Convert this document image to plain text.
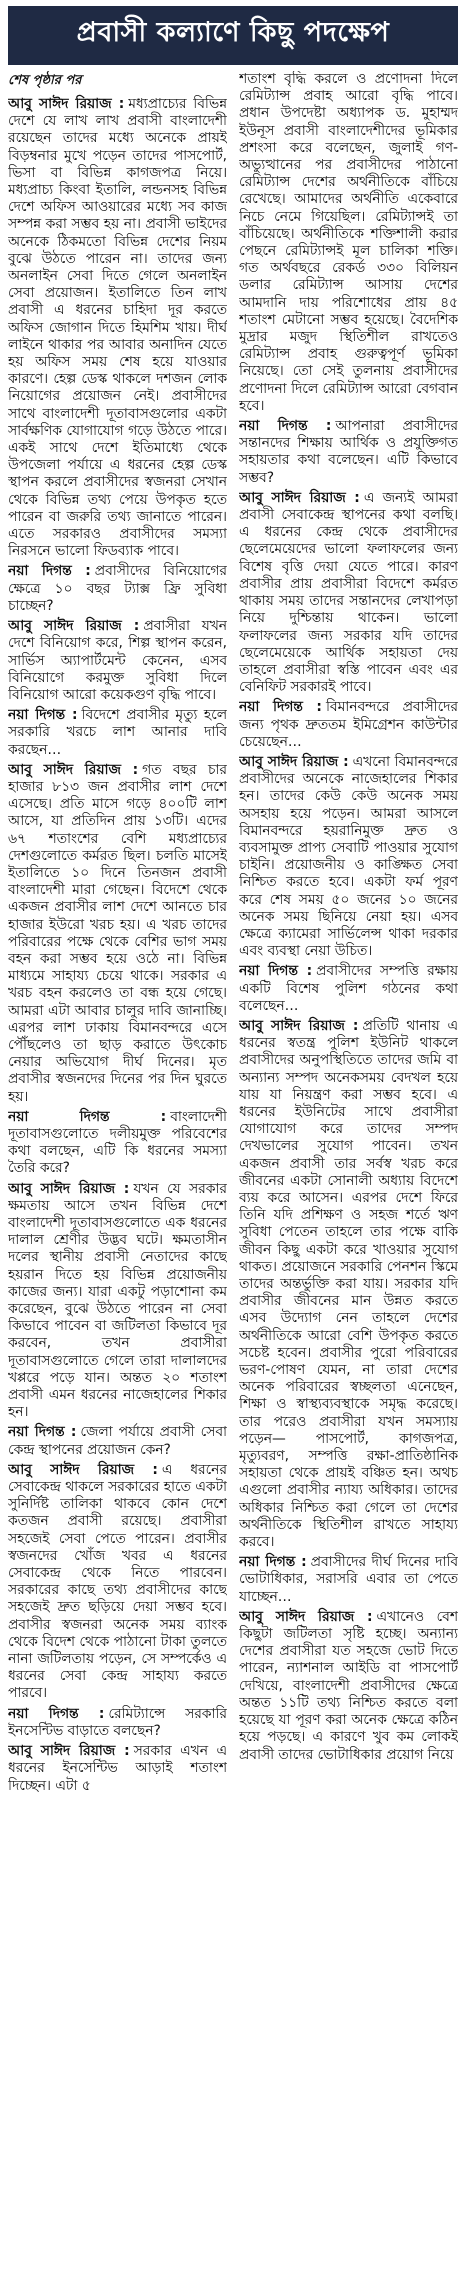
প্রবাসী কল্যাণে কিছু পদক্ষেপ
শেষ পৃষ্ঠার পর

আবু সাঈদ রিয়াজ : মধ্যপ্রাচ্যের বিভিন্ন দেশে যে লাখ লাখ প্রবাসী বাংলাদেশী রয়েছেন তাদের মধ্যে অনেকে প্রায়ই বিড়ম্বনার মুখে পড়েন তাদের পাসপোর্ট, ভিসা বা বিভিন্ন কাগজপত্র নিয়ে। মধ্যপ্রাচ্য কিংবা ইতালি, লন্ডনসহ বিভিন্ন দেশে অফিস আওয়ারের মধ্যে সব কাজ সম্পন্ন করা সম্ভব হয় না। প্রবাসী ভাইদের অনেকে ঠিকমতো বিভিন্ন দেশের নিয়ম বুঝে উঠতে পারেন না। তাদের জন্য অনলাইন সেবা দিতে গেলে অনলাইন সেবা প্রয়োজন। ইতালিতে তিন লাখ প্রবাসী এ ধরনের চাহিদা দূর করতে অফিস জোগান দিতে হিমশিম খায়। দীর্ঘ লাইনে থাকার পর আবার অনাদিন যেতে হয় অফিস সময় শেষ হয়ে যাওয়ার কারণে। হেল্প ডেস্ক থাকলে দশজন লোক নিয়োগের প্রয়োজন নেই। প্রবাসীদের সাথে বাংলাদেশী দূতাবাসগুলোর একটা সার্বক্ষণিক যোগাযোগ গড়ে উঠতে পারে। একই সাথে দেশে ইতিমাধ্যে থেকে উপজেলা পর্যায়ে এ ধরনের হেল্প ডেস্ক স্থাপন করলে প্রবাসীদের স্বজনরা সেখান থেকে বিভিন্ন তথ্য পেয়ে উপকৃত হতে পারেন বা জরুরি তথ্য জানাতে পারেন। এতে সরকারও প্রবাসীদের সমস্যা নিরসনে ভালো ফিডব্যাক পাবে।

নয়া দিগন্ত : প্রবাসীদের বিনিয়োগের ক্ষেত্রে ১০ বছর ট্যাক্স ফ্রি সুবিধা চাচ্ছেন?

আবু সাঈদ রিয়াজ : প্রবাসীরা যখন দেশে বিনিয়োগ করে, শিল্প স্থাপন করেন, সার্ভিস অ্যাপার্টমেন্ট কেনেন, এসব বিনিয়োগে করমুক্ত সুবিধা দিলে বিনিয়োগ আরো কয়েকগুণ বৃদ্ধি পাবে।

নয়া দিগন্ত : বিদেশে প্রবাসীর মৃত্যু হলে সরকারি খরচে লাশ আনার দাবি করছেন…

আবু সাঈদ রিয়াজ : গত বছর চার হাজার ৮১৩ জন প্রবাসীর লাশ দেশে এসেছে। প্রতি মাসে গড়ে ৪০০টি লাশ আসে, যা প্রতিদিন প্রায় ১৩টি। এদের ৬৭ শতাংশের বেশি মধ্যপ্রাচ্যের দেশগুলোতে কর্মরত ছিল। চলতি মাসেই ইতালিতে ১০ দিনে তিনজন প্রবাসী বাংলাদেশী মারা গেছেন। বিদেশে থেকে একজন প্রবাসীর লাশ দেশে আনতে চার হাজার ইউরো খরচ হয়। এ খরচ তাদের পরিবারের পক্ষে থেকে বেশির ভাগ সময় বহন করা সম্ভব হয়ে ওঠে না। বিভিন্ন মাধ্যমে সাহায্য চেয়ে থাকে। সরকার এ খরচ বহন করলেও তা বন্ধ হয়ে গেছে। আমরা এটা আবার চালুর দাবি জানাচ্ছি। এরপর লাশ ঢাকায় বিমানবন্দরে এসে পৌঁছলেও তা ছাড় করাতে উৎকোচ নেয়ার অভিযোগ দীর্ঘ দিনের। মৃত প্রবাসীর স্বজনদের দিনের পর দিন ঘুরতে হয়।

নয়া দিগন্ত : বাংলাদেশী দূতাবাসগুলোতে দলীয়মুক্ত পরিবেশের কথা বলছেন, এটি কি ধরনের সমস্যা তৈরি করে?

আবু সাঈদ রিয়াজ : যখন যে সরকার ক্ষমতায় আসে তখন বিভিন্ন দেশে বাংলাদেশী দূতাবাসগুলোতে এক ধরনের দালাল শ্রেণীর উদ্ভব ঘটে। ক্ষমতাসীন দলের স্থানীয় প্রবাসী নেতাদের কাছে হয়রান দিতে হয় বিভিন্ন প্রয়োজনীয় কাজের জন্য। যারা একটু পড়াশোনা কম করেছেন, বুঝে উঠতে পারেন না সেবা কিভাবে পাবেন বা জটিলতা কিভাবে দূর করবেন, তখন প্রবাসীরা দূতাবাসগুলোতে গেলে তারা দালালদের খপ্পরে পড়ে যান। অন্তত ২০ শতাংশ প্রবাসী এমন ধরনের নাজেহালের শিকার হন।

নয়া দিগন্ত : জেলা পর্যায়ে প্রবাসী সেবা কেন্দ্র স্থাপনের প্রয়োজন কেন?

আবু সাঈদ রিয়াজ : এ ধরনের সেবাকেন্দ্র থাকলে সরকারের হাতে একটা সুনির্দিষ্ট তালিকা থাকবে কোন দেশে কতজন প্রবাসী রয়েছে। প্রবাসীরা সহজেই সেবা পেতে পারেন। প্রবাসীর স্বজনদের খোঁজ খবর এ ধরনের সেবাকেন্দ্র থেকে নিতে পারবেন। সরকারের কাছে তথ্য প্রবাসীদের কাছে সহজেই দ্রুত ছড়িয়ে দেয়া সম্ভব হবে। প্রবাসীর স্বজনরা অনেক সময় ব্যাংক থেকে বিদেশ থেকে পাঠানো টাকা তুলতে নানা জটিলতায় পড়েন, সে সম্পর্কেও এ ধরনের সেবা কেন্দ্র সাহায্য করতে পারবে।

নয়া দিগন্ত : রেমিট্যান্সে সরকারি ইনসেন্টিভ বাড়াতে বলছেন?

আবু সাঈদ রিয়াজ : সরকার এখন এ ধরনের ইনসেন্টিভ আড়াই শতাংশ দিচ্ছেন। এটা ৫

শতাংশ বৃদ্ধি করলে ও প্রণোদনা দিলে রেমিট্যান্স প্রবাহ আরো বৃদ্ধি পাবে। প্রধান উপদেষ্টা অধ্যাপক ড. মুহাম্মদ ইউনূস প্রবাসী বাংলাদেশীদের ভূমিকার প্রশংসা করে বলেছেন, জুলাই গণ-অভ্যুত্থানের পর প্রবাসীদের পাঠানো রেমিট্যান্স দেশের অর্থনীতিকে বাঁচিয়ে রেখেছে। আমাদের অর্থনীতি একেবারে নিচে নেমে গিয়েছিল। রেমিট্যান্সই তা বাঁচিয়েছে। অর্থনীতিকে শক্তিশালী করার পেছনে রেমিট্যান্সই মূল চালিকা শক্তি। গত অর্থবছরে রেকর্ড ৩৩০ বিলিয়ন ডলার রেমিট্যান্স আসায় দেশের আমদানি দায় পরিশোধের প্রায় ৪৫ শতাংশ মেটানো সম্ভব হয়েছে। বৈদেশিক মুদ্রার মজুদ স্থিতিশীল রাখতেও রেমিট্যান্স প্রবাহ গুরুত্বপূর্ণ ভূমিকা নিয়েছে। তো সেই তুলনায় প্রবাসীদের প্রণোদনা দিলে রেমিট্যান্স আরো বেগবান হবে।

নয়া দিগন্ত : আপনারা প্রবাসীদের সন্তানদের শিক্ষায় আর্থিক ও প্রযুক্তিগত সহায়তার কথা বলেছেন। এটি কিভাবে সম্ভব?

আবু সাঈদ রিয়াজ : এ জন্যই আমরা প্রবাসী সেবাকেন্দ্র স্থাপনের কথা বলছি। এ ধরনের কেন্দ্র থেকে প্রবাসীদের ছেলেমেয়েদের ভালো ফলাফলের জন্য বিশেষ বৃত্তি দেয়া যেতে পারে। কারণ প্রবাসীর প্রায় প্রবাসীরা বিদেশে কর্মরত থাকায় সময় তাদের সন্তানদের লেখাপড়া নিয়ে দুশ্চিন্তায় থাকেন। ভালো ফলাফলের জন্য সরকার যদি তাদের ছেলেমেয়েকে আর্থিক সহায়তা দেয় তাহলে প্রবাসীরা স্বস্তি পাবেন এবং এর বেনিফিট সরকারই পাবে।

নয়া দিগন্ত : বিমানবন্দরে প্রবাসীদের জন্য পৃথক দ্রুততম ইমিগ্রেশন কাউন্টার চেয়েছেন…

আবু সাঈদ রিয়াজ : এখনো বিমানবন্দরে প্রবাসীদের অনেকে নাজেহালের শিকার হন। তাদের কেউ কেউ অনেক সময় অসহায় হয়ে পড়েন। আমরা আসলে বিমানবন্দরে হয়রানিমুক্ত দ্রুত ও ব্যবসামুক্ত প্রাপ্য সেবাটি পাওয়ার সুযোগ চাইনি। প্রয়োজনীয় ও কাঙ্ক্ষিত সেবা নিশ্চিত করতে হবে। একটা ফর্ম পূরণ করে শেষ সময় ৫০ জনের ১০ জনের অনেক সময় ছিনিয়ে নেয়া হয়। এসব ক্ষেত্রে ক্যামেরা সার্ভিলেন্স থাকা দরকার এবং ব্যবস্থা নেয়া উচিত।

নয়া দিগন্ত : প্রবাসীদের সম্পত্তি রক্ষায় একটি বিশেষ পুলিশ গঠনের কথা বলেছেন…

আবু সাঈদ রিয়াজ : প্রতিটি থানায় এ ধরনের স্বতন্ত্র পুলিশ ইউনিট থাকলে প্রবাসীদের অনুপস্থিতিতে তাদের জমি বা অন্যান্য সম্পদ অনেকসময় বেদখল হয়ে যায় যা নিয়ন্ত্রণ করা সম্ভব হবে। এ ধরনের ইউনিটের সাথে প্রবাসীরা যোগাযোগ করে তাদের সম্পদ দেখভালের সুযোগ পাবেন। তখন একজন প্রবাসী তার সর্বস্ব খরচ করে জীবনের একটা সোনালী অধ্যায় বিদেশে ব্যয় করে আসেন। এরপর দেশে ফিরে তিনি যদি প্রশিক্ষণ ও সহজ শর্তে ঋণ সুবিধা পেতেন তাহলে তার পক্ষে বাকি জীবন কিছু একটা করে খাওয়ার সুযোগ থাকত। প্রয়োজনে সরকারি পেনশন স্কিমে তাদের অন্তর্ভুক্তি করা যায়। সরকার যদি প্রবাসীর জীবনের মান উন্নত করতে এসব উদ্যোগ নেন তাহলে দেশের অর্থনীতিকে আরো বেশি উপকৃত করতে সচেষ্ট হবেন। প্রবাসীর পুরো পরিবারের ভরণ-পোষণ যেমন, না তারা দেশের অনেক পরিবারের স্বচ্ছলতা এনেছেন, শিক্ষা ও স্বাস্থ্যব্যবস্থাকে সমৃদ্ধ করেছে। তার পরেও প্রবাসীরা যখন সমস্যায় পড়েন— পাসপোর্ট, কাগজপত্র, মৃত্যুবরণ, সম্পত্তি রক্ষা-প্রাতিষ্ঠানিক সহায়তা থেকে প্রায়ই বঞ্চিত হন। অথচ এগুলো প্রবাসীর ন্যায্য অধিকার। তাদের অধিকার নিশ্চিত করা গেলে তা দেশের অর্থনীতিকে স্থিতিশীল রাখতে সাহায্য করবে।

নয়া দিগন্ত : প্রবাসীদের দীর্ঘ দিনের দাবি ভোটাধিকার, সরাসরি এবার তা পেতে যাচ্ছেন…

আবু সাঈদ রিয়াজ : এখানেও বেশ কিছুটা জটিলতা সৃষ্টি হচ্ছে। অন্যান্য দেশের প্রবাসীরা যত সহজে ভোট দিতে পারেন, ন্যাশনাল আইডি বা পাসপোর্ট দেখিয়ে, বাংলাদেশী প্রবাসীদের ক্ষেত্রে অন্তত ১১টি তথ্য নিশ্চিত করতে বলা হয়েছে যা পূরণ করা অনেক ক্ষেত্রে কঠিন হয়ে পড়ছে। এ কারণে খুব কম লোকই প্রবাসী তাদের ভোটাধিকার প্রয়োগ নিয়ে
